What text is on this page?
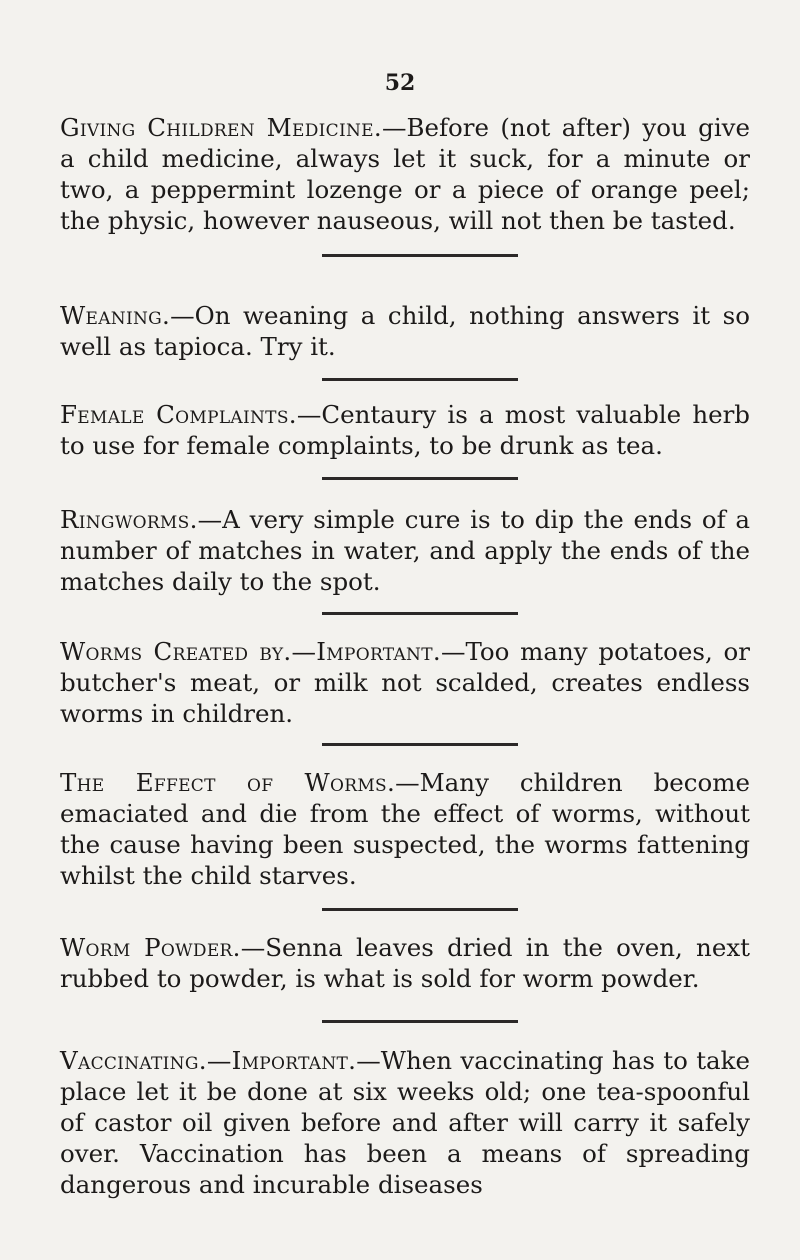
52

Giving Children Medicine.—Before (not after) you give a child medicine, always let it suck, for a minute or two, a peppermint lozenge or a piece of orange peel; the physic, however nauseous, will not then be tasted.

Weaning.—On weaning a child, nothing answers it so well as tapioca. Try it.

Female Complaints.—Centaury is a most valuable herb to use for female complaints, to be drunk as tea.

Ringworms.—A very simple cure is to dip the ends of a number of matches in water, and apply the ends of the matches daily to the spot.

Worms Created by.—Important.—Too many potatoes, or butcher's meat, or milk not scalded, creates endless worms in children.

The Effect of Worms.—Many children become emaciated and die from the effect of worms, without the cause having been suspected, the worms fattening whilst the child starves.

Worm Powder.—Senna leaves dried in the oven, next rubbed to powder, is what is sold for worm powder.

Vaccinating.—Important.—When vaccinating has to take place let it be done at six weeks old; one tea-spoonful of castor oil given before and after will carry it safely over. Vaccination has been a means of spreading dangerous and incurable diseases
